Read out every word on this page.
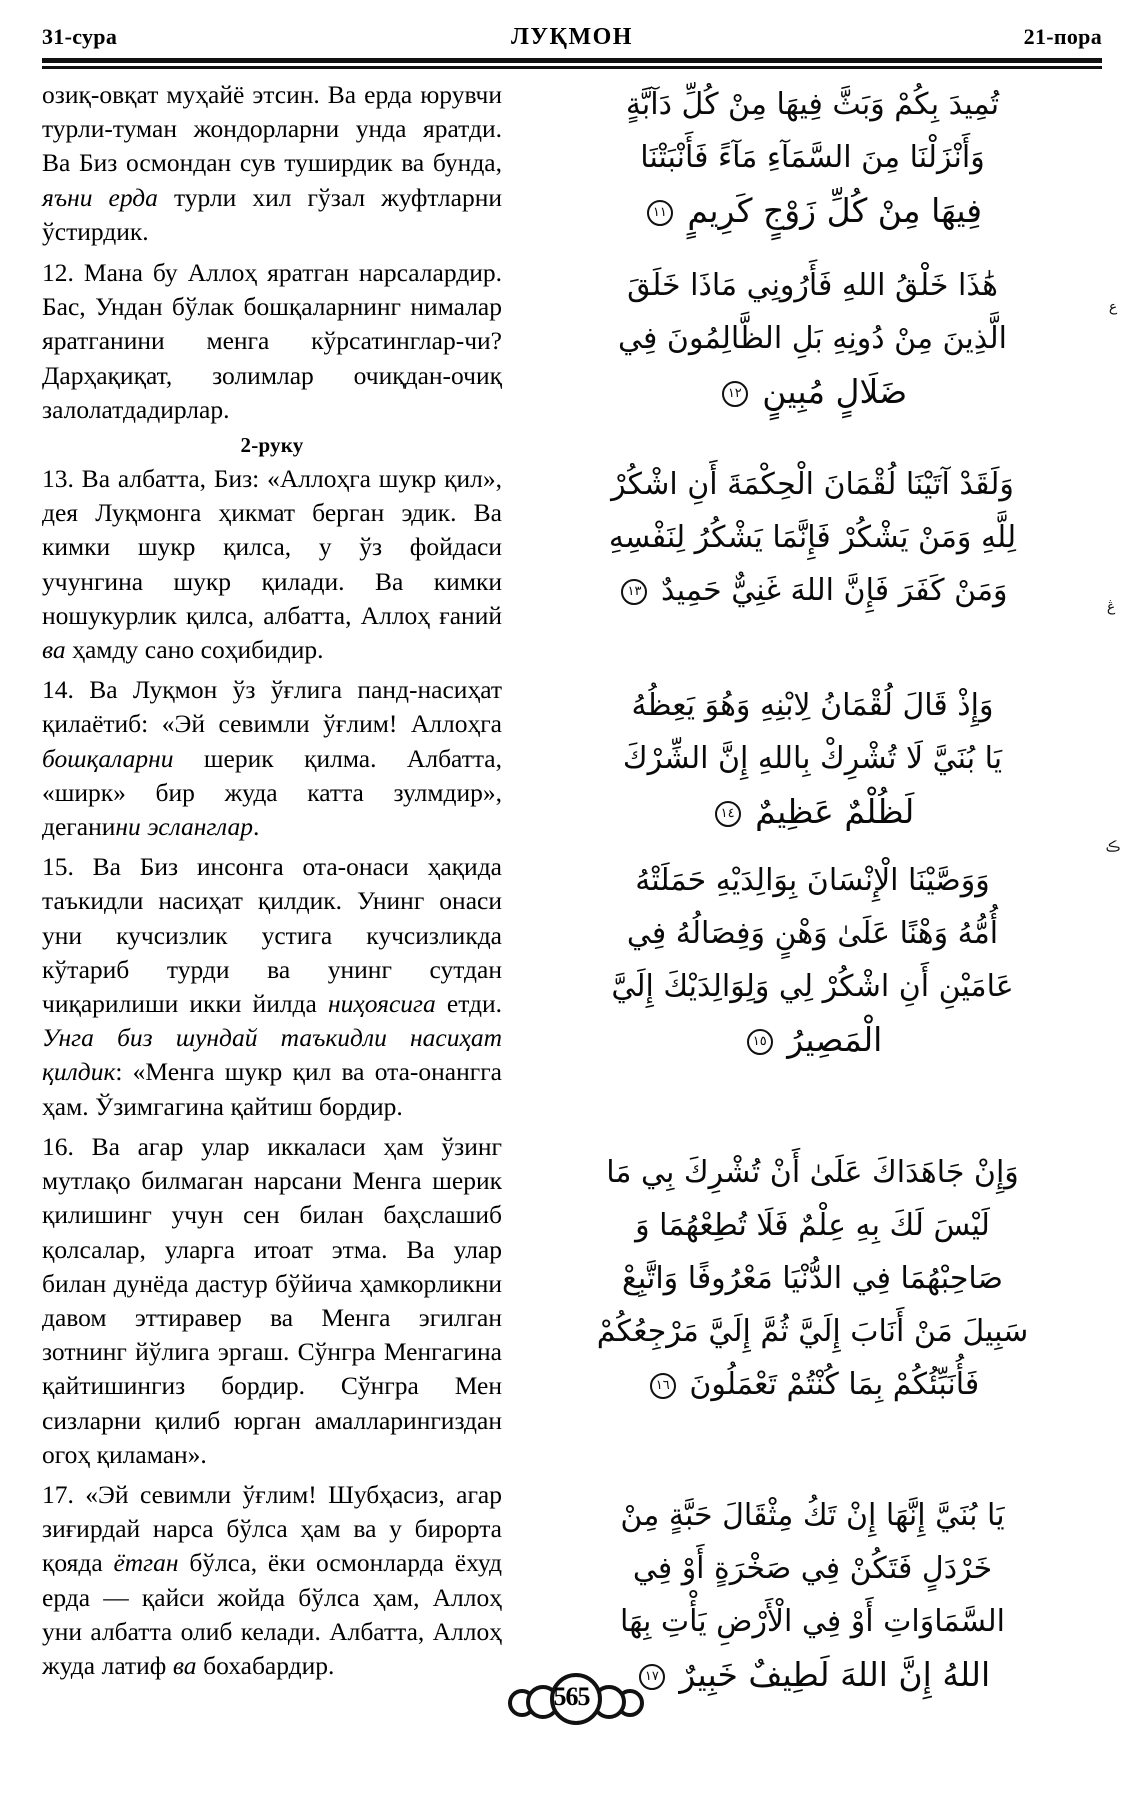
31-сура	ЛУҚМОН	21-пора
озиқ-овқат муҳайё этсин. Ва ерда юрувчи турли-туман жондорларни унда яратди. Ва Биз осмондан сув туширдик ва бунда, яъни ерда турли хил гўзал жуфтларни ўстирдик.
12. Мана бу Аллоҳ яратган нарсалардир. Бас, Ундан бўлак бошқаларнинг нималар яратганини менга кўрсатинглар-чи? Дарҳақиқат, золимлар очиқдан-очиқ залолатдадирлар.
2-руку
13. Ва албатта, Биз: «Аллоҳга шукр қил», дея Луқмонга ҳикмат берган эдик. Ва кимки шукр қилса, у ўз фойдаси учунгина шукр қилади. Ва кимки ношукурлик қилса, албатта, Аллоҳ ғаний ва ҳамду сано соҳибидир.
14. Ва Луқмон ўз ўғлига панд-насиҳат қилаётиб: «Эй севимли ўғлим! Аллоҳга бошқаларни шерик қилма. Албатта, «ширк» бир жуда катта зулмдир», деганини эсланглар.
15. Ва Биз инсонга ота-онаси ҳақида таъкидли насиҳат қилдик. Унинг онаси уни кучсизлик устига кучсизликда кўтариб турди ва унинг сутдан чиқарилиши икки йилда ниҳоясига етди. Унга биз шундай таъкидли насиҳат қилдик: «Менга шукр қил ва ота-онангга ҳам. Ўзимгагина қайтиш бордир.
16. Ва агар улар иккаласи ҳам ўзинг мутлақо билмаган нарсани Менга шерик қилишинг учун сен билан баҳслашиб қолсалар, уларга итоат этма. Ва улар билан дунёда дастур бўйича ҳамкорликни давом эттиравер ва Менга эгилган зотнинг йўлига эргаш. Сўнгра Менгагина қайтишингиз бордир. Сўнгра Мен сизларни қилиб юрган амалларингиздан огоҳ қиламан».
17. «Эй севимли ўғлим! Шубҳасиз, агар зиғирдай нарса бўлса ҳам ва у бирорта қояда ётган бўлса, ёки осмонларда ёхуд ерда — қайси жойда бўлса ҳам, Аллоҳ уни албатта олиб келади. Албатта, Аллоҳ жуда латиф ва бохабардир.
تُمِيدَ بِكُمْ وَبَثَّ فِيهَا مِنْ كُلِّ دَآبَّةٍ
وَأَنْزَلْنَا مِنَ السَّمَآءِ مَآءً فَأَنْبَتْنَا
فِيهَا مِنْ كُلِّ زَوْجٍ كَرِيمٍ ١١
هَٰذَا خَلْقُ اللهِ فَأَرُونِي مَاذَا خَلَقَ
الَّذِينَ مِنْ دُونِهِ بَلِ الظَّالِمُونَ فِي
ضَلَالٍ مُبِينٍ ١٢
وَلَقَدْ آتَيْنَا لُقْمَانَ الْحِكْمَةَ أَنِ اشْكُرْ
لِلَّهِ وَمَنْ يَشْكُرْ فَإِنَّمَا يَشْكُرُ لِنَفْسِهِ
وَمَنْ كَفَرَ فَإِنَّ اللهَ غَنِيٌّ حَمِيدٌ ١٣
وَإِذْ قَالَ لُقْمَانُ لِابْنِهِ وَهُوَ يَعِظُهُ
يَا بُنَيَّ لَا تُشْرِكْ بِاللهِ إِنَّ الشِّرْكَ
لَظُلْمٌ عَظِيمٌ ١٤
وَوَصَّيْنَا الْإِنْسَانَ بِوَالِدَيْهِ حَمَلَتْهُ
أُمُّهُ وَهْنًا عَلَىٰ وَهْنٍ وَفِصَالُهُ فِي
عَامَيْنِ أَنِ اشْكُرْ لِي وَلِوَالِدَيْكَ إِلَيَّ
الْمَصِيرُ ١٥
وَإِنْ جَاهَدَاكَ عَلَىٰ أَنْ تُشْرِكَ بِي مَا
لَيْسَ لَكَ بِهِ عِلْمٌ فَلَا تُطِعْهُمَا وَ
صَاحِبْهُمَا فِي الدُّنْيَا مَعْرُوفًا وَاتَّبِعْ
سَبِيلَ مَنْ أَنَابَ إِلَيَّ ثُمَّ إِلَيَّ مَرْجِعُكُمْ
فَأُنَبِّئُكُمْ بِمَا كُنْتُمْ تَعْمَلُونَ ١٦
يَا بُنَيَّ إِنَّهَا إِنْ تَكُ مِثْقَالَ حَبَّةٍ مِنْ
خَرْدَلٍ فَتَكُنْ فِي صَخْرَةٍ أَوْ فِي
السَّمَاوَاتِ أَوْ فِي الْأَرْضِ يَأْتِ بِهَا
اللهُ إِنَّ اللهَ لَطِيفٌ خَبِيرٌ ١٧
ع
ڠ
ڪ
565
